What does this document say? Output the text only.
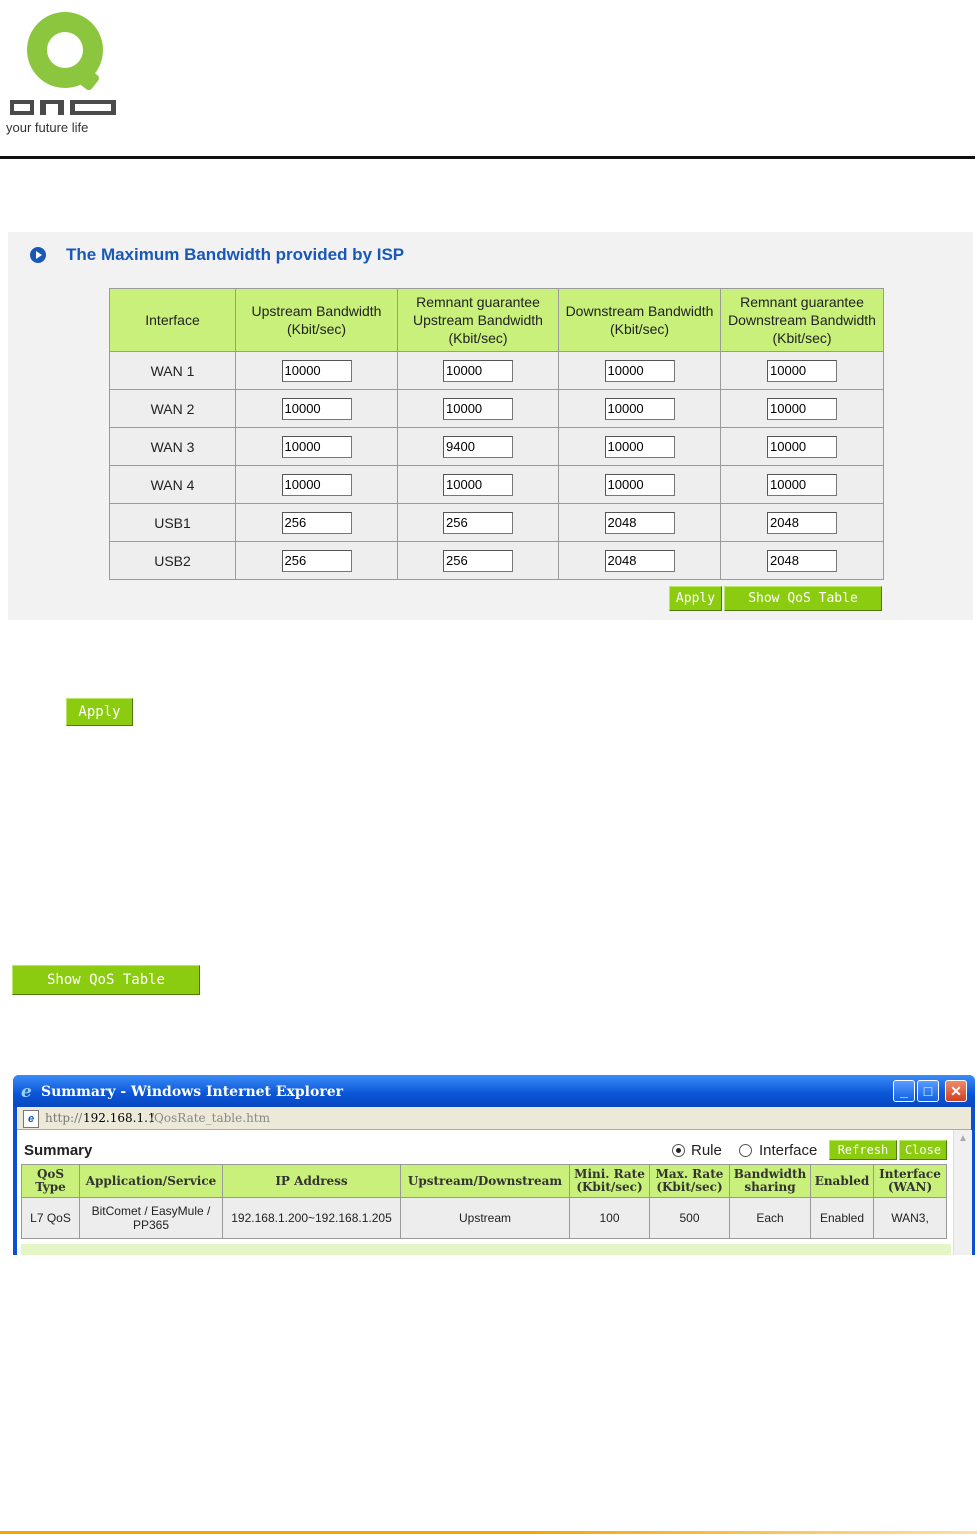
your future life
The Maximum Bandwidth provided by ISP
Interface	Upstream Bandwidth (Kbit/sec)	Remnant guarantee Upstream Bandwidth (Kbit/sec)	Downstream Bandwidth (Kbit/sec)	Remnant guarantee Downstream Bandwidth (Kbit/sec)
WAN 1	10000	10000	10000	10000
WAN 2	10000	10000	10000	10000
WAN 3	10000	9400	10000	10000
WAN 4	10000	10000	10000	10000
USB1	256	256	2048	2048
USB2	256	256	2048	2048
Apply	Show QoS Table
Apply
Show QoS Table
e Summary - Windows Internet Explorer	_	□	✕
e http:// 192.168.1.1
/QosRate_table.htm
Summary	Rule Interface	Refresh	Close
▲
QoS Type	Application/Service	IP Address	Upstream/Downstream	Mini. Rate (Kbit/sec)	Max. Rate (Kbit/sec)	Bandwidth sharing	Enabled	Interface (WAN)
L7 QoS	BitComet / EasyMule / PP365	192.168.1.200~192.168.1.205	Upstream	100	500	Each	Enabled	WAN3,
